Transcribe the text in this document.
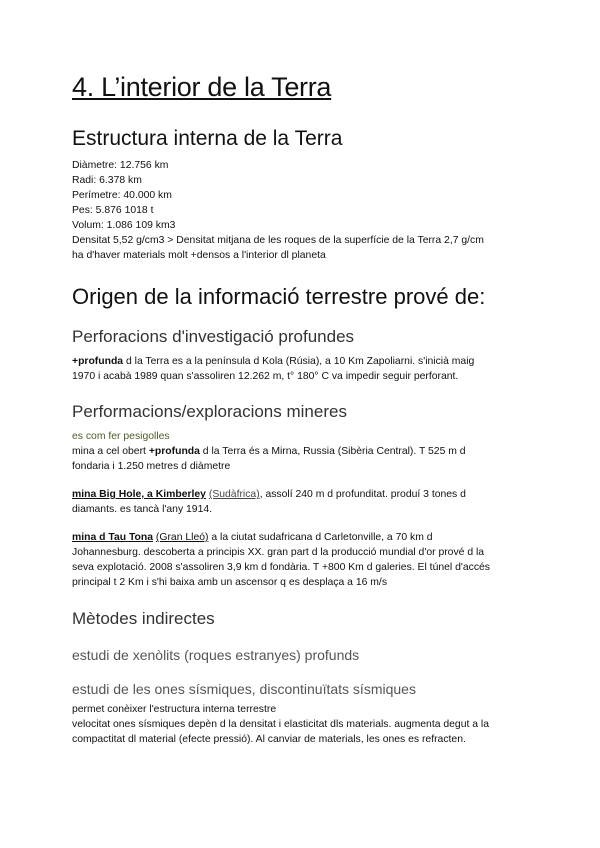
4. L’interior de la Terra
Estructura interna de la Terra
Diàmetre: 12.756 km
Radi: 6.378 km
Perímetre: 40.000 km
Pes: 5.876 1018 t
Volum: 1.086 109 km3
Densitat 5,52 g/cm3 > Densitat mitjana de les roques de la superfície de la Terra 2,7 g/cm
ha d'haver materials molt +densos a l'interior dl planeta
Origen de la informació terrestre prové de:
Perforacions d'investigació profundes
+profunda d la Terra es a la península d Kola (Rúsia), a 10 Km Zapoliarni. s'inicià maig
1970 i acabà 1989 quan s'assoliren 12.262 m, t° 180° C va impedir seguir perforant.
Performacions/exploracions mineres
es com fer pesigolles
mina a cel obert +profunda d la Terra és a Mirna, Russia (Sibèria Central). T 525 m d
fondaria i 1.250 metres d diàmetre
mina Big Hole, a Kimberley (Sudàfrica), assolí 240 m d profunditat. produí 3 tones d
diamants. es tancà l'any 1914.
mina d Tau Tona (Gran Lleó) a la ciutat sudafricana d Carletonville, a 70 km d
Johannesburg. descoberta a principis XX. gran part d la producció mundial d'or prové d la
seva explotació. 2008 s'assoliren 3,9 km d fondària. T +800 Km d galeries. El túnel d'accés
principal t 2 Km i s'hi baixa amb un ascensor q es desplaça a 16 m/s
Mètodes indirectes
estudi de xenòlits (roques estranyes) profunds
estudi de les ones sísmiques, discontinuïtats sísmiques
permet conèixer l'estructura interna terrestre
velocitat ones sísmiques depèn d la densitat i elasticitat dls materials. augmenta degut a la
compactitat dl material (efecte pressió). Al canviar de materials, les ones es refracten.
